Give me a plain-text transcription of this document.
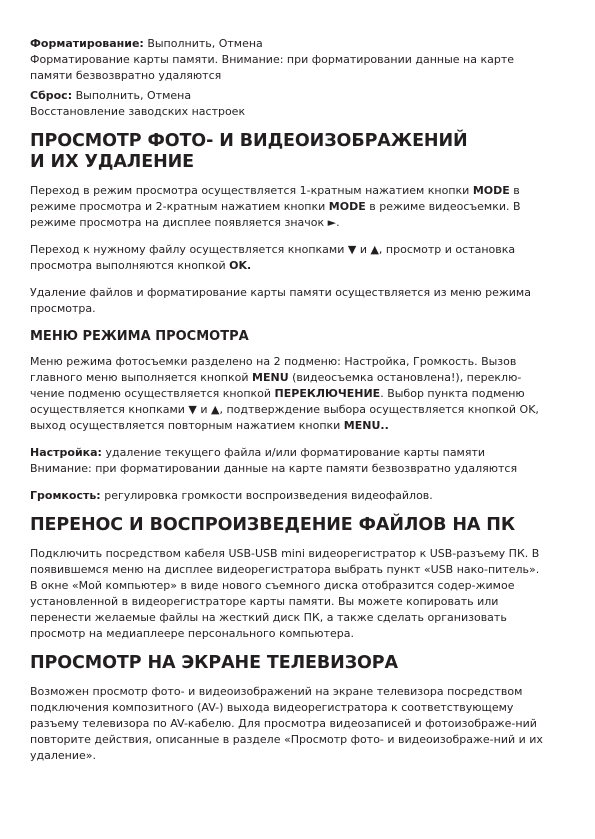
Форматирование: Выполнить, Отмена

Форматирование карты памяти. Внимание: при форматировании данные на карте памяти безвозвратно удаляются

Сброс: Выполнить, Отмена

Восстановление заводских настроек

ПРОСМОТР ФОТО- И ВИДЕОИЗОБРАЖЕНИЙ
И ИХ УДАЛЕНИЕ

Переход в режим просмотра осуществляется 1-кратным нажатием кнопки MODE в режиме просмотра и 2-кратным нажатием кнопки MODE в режиме видеосъемки. В режиме просмотра на дисплее появляется значок ►.

Переход к нужному файлу осуществляется кнопками ▼ и ▲, просмотр и остановка просмотра выполняются кнопкой OK.

Удаление файлов и форматирование карты памяти осуществляется из меню режима просмотра.

МЕНЮ РЕЖИМА ПРОСМОТРА

Меню режима фотосъемки разделено на 2 подменю: Настройка, Громкость. Вызов главного меню выполняется кнопкой MENU (видеосъемка остановлена!), переклю-чение подменю осуществляется кнопкой ПЕРЕКЛЮЧЕНИЕ. Выбор пункта подменю осуществляется кнопками ▼ и ▲, подтверждение выбора осуществляется кнопкой OK, выход осуществляется повторным нажатием кнопки MENU..

Настройка: удаление текущего файла и/или форматирование карты памяти

Внимание: при форматировании данные на карте памяти безвозвратно удаляются

Громкость: регулировка громкости воспроизведения видеофайлов.

ПЕРЕНОС И ВОСПРОИЗВЕДЕНИЕ ФАЙЛОВ НА ПК

Подключить посредством кабеля USB-USB mini видеорегистратор к USB-разъему ПК. В появившемся меню на дисплее видеорегистратора выбрать пункт «USB нако-питель». В окне «Мой компьютер» в виде нового съемного диска отобразится содер-жимое установленной в видеорегистраторе карты памяти. Вы можете копировать или перенести желаемые файлы на жесткий диск ПК, а также сделать организовать просмотр на медиаплеере персонального компьютера.

ПРОСМОТР НА ЭКРАНЕ ТЕЛЕВИЗОРА

Возможен просмотр фото- и видеоизображений на экране телевизора посредством подключения композитного (AV-) выхода видеорегистратора к соответствующему разъему телевизора по AV-кабелю. Для просмотра видеозаписей и фотоизображе-ний повторите действия, описанные в разделе «Просмотр фото- и видеоизображе-ний и их удаление».
